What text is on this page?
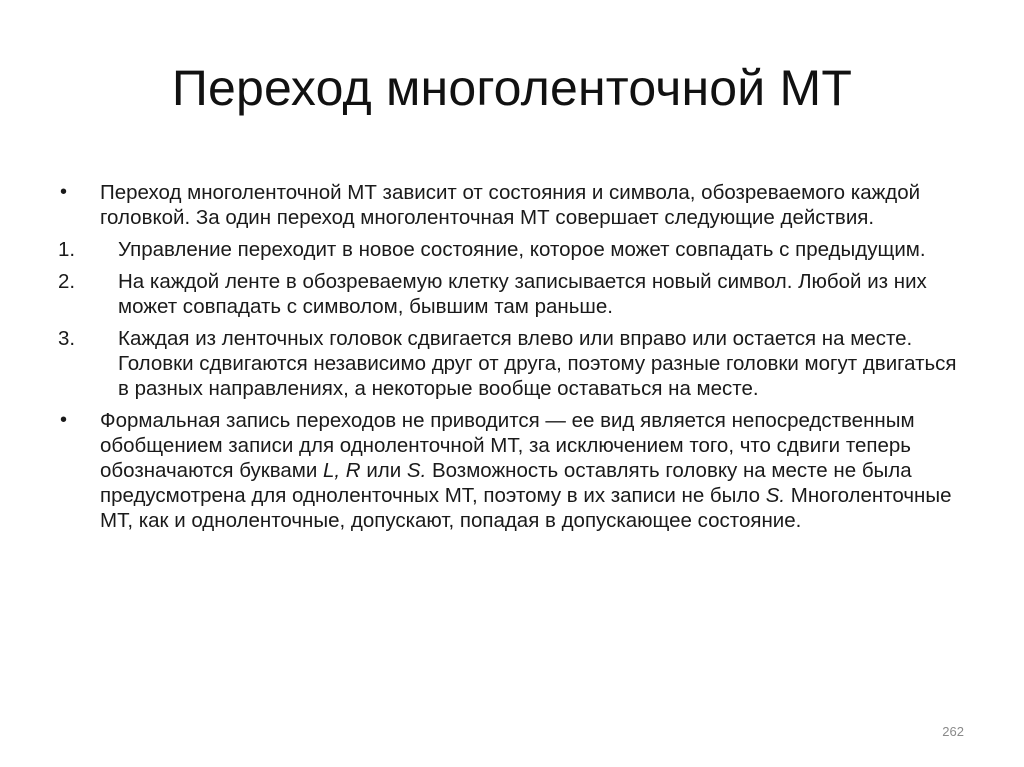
Переход многоленточной МТ
•	Переход многоленточной МТ зависит от состояния и символа, обозреваемого каждой головкой. За один переход многоленточная МТ совершает следующие действия.
1.	Управление переходит в новое состояние, которое может совпадать с предыдущим.
2.	На каждой ленте в обозреваемую клетку записывается новый символ. Любой из них может совпадать с символом, бывшим там раньше.
3.	Каждая из ленточных головок сдвигается влево или вправо или остается на месте. Головки сдвигаются независимо друг от друга, поэтому разные головки могут двигаться в разных направлениях, а некоторые вообще оставаться на месте.
•	Формальная запись переходов не приводится — ее вид является непосредственным обобщением записи для одноленточной МТ, за исключением того, что сдвиги теперь обозначаются буквами L, R или S. Возможность оставлять головку на месте не была предусмотрена для одноленточных МТ, поэтому в их записи не было S. Многоленточные МТ, как и одноленточные, допускают, попадая в допускающее состояние.
262
